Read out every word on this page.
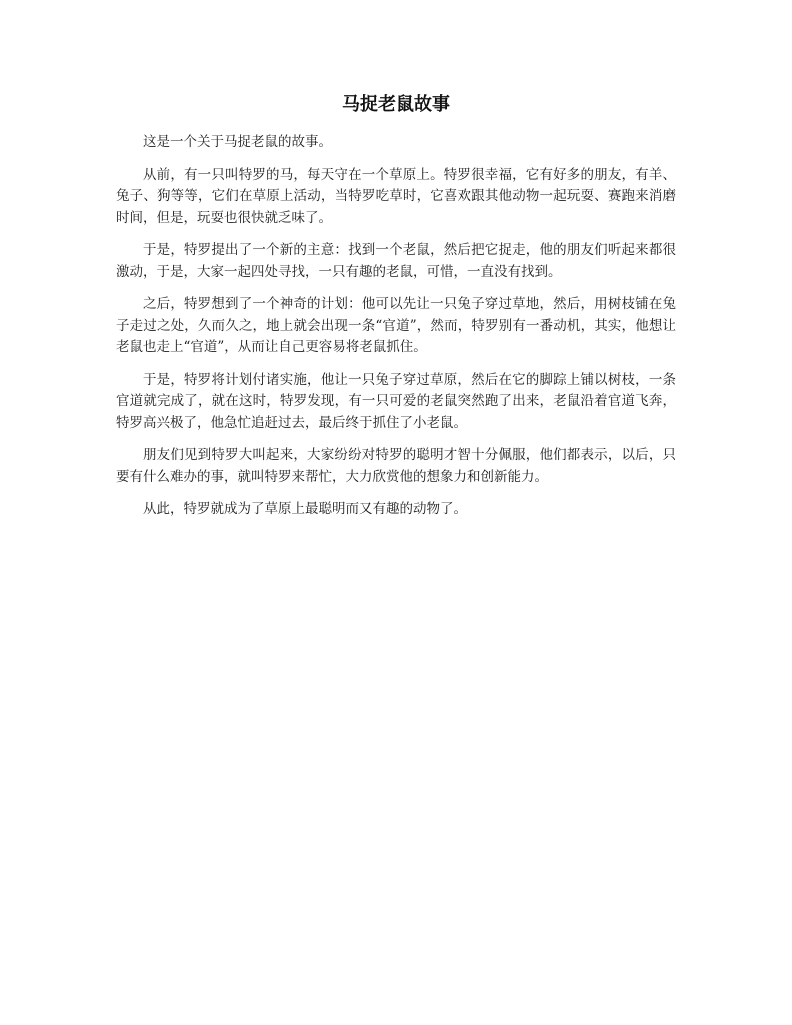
马捉老鼠故事

这是一个关于马捉老鼠的故事。

从前，有一只叫特罗的马，每天守在一个草原上。特罗很幸福，它有好多的朋友，有羊、兔子、狗等等，它们在草原上活动，当特罗吃草时，它喜欢跟其他动物一起玩耍、赛跑来消磨时间，但是，玩耍也很快就乏味了。

于是，特罗提出了一个新的主意：找到一个老鼠，然后把它捉走，他的朋友们听起来都很激动，于是，大家一起四处寻找，一只有趣的老鼠，可惜，一直没有找到。

之后，特罗想到了一个神奇的计划：他可以先让一只兔子穿过草地，然后，用树枝铺在兔子走过之处，久而久之，地上就会出现一条“官道”，然而，特罗别有一番动机，其实，他想让老鼠也走上“官道”，从而让自己更容易将老鼠抓住。

于是，特罗将计划付诸实施，他让一只兔子穿过草原，然后在它的脚踪上铺以树枝，一条官道就完成了，就在这时，特罗发现，有一只可爱的老鼠突然跑了出来，老鼠沿着官道飞奔，特罗高兴极了，他急忙追赶过去，最后终于抓住了小老鼠。

朋友们见到特罗大叫起来，大家纷纷对特罗的聪明才智十分佩服，他们都表示，以后，只要有什么难办的事，就叫特罗来帮忙，大力欣赏他的想象力和创新能力。

从此，特罗就成为了草原上最聪明而又有趣的动物了。
